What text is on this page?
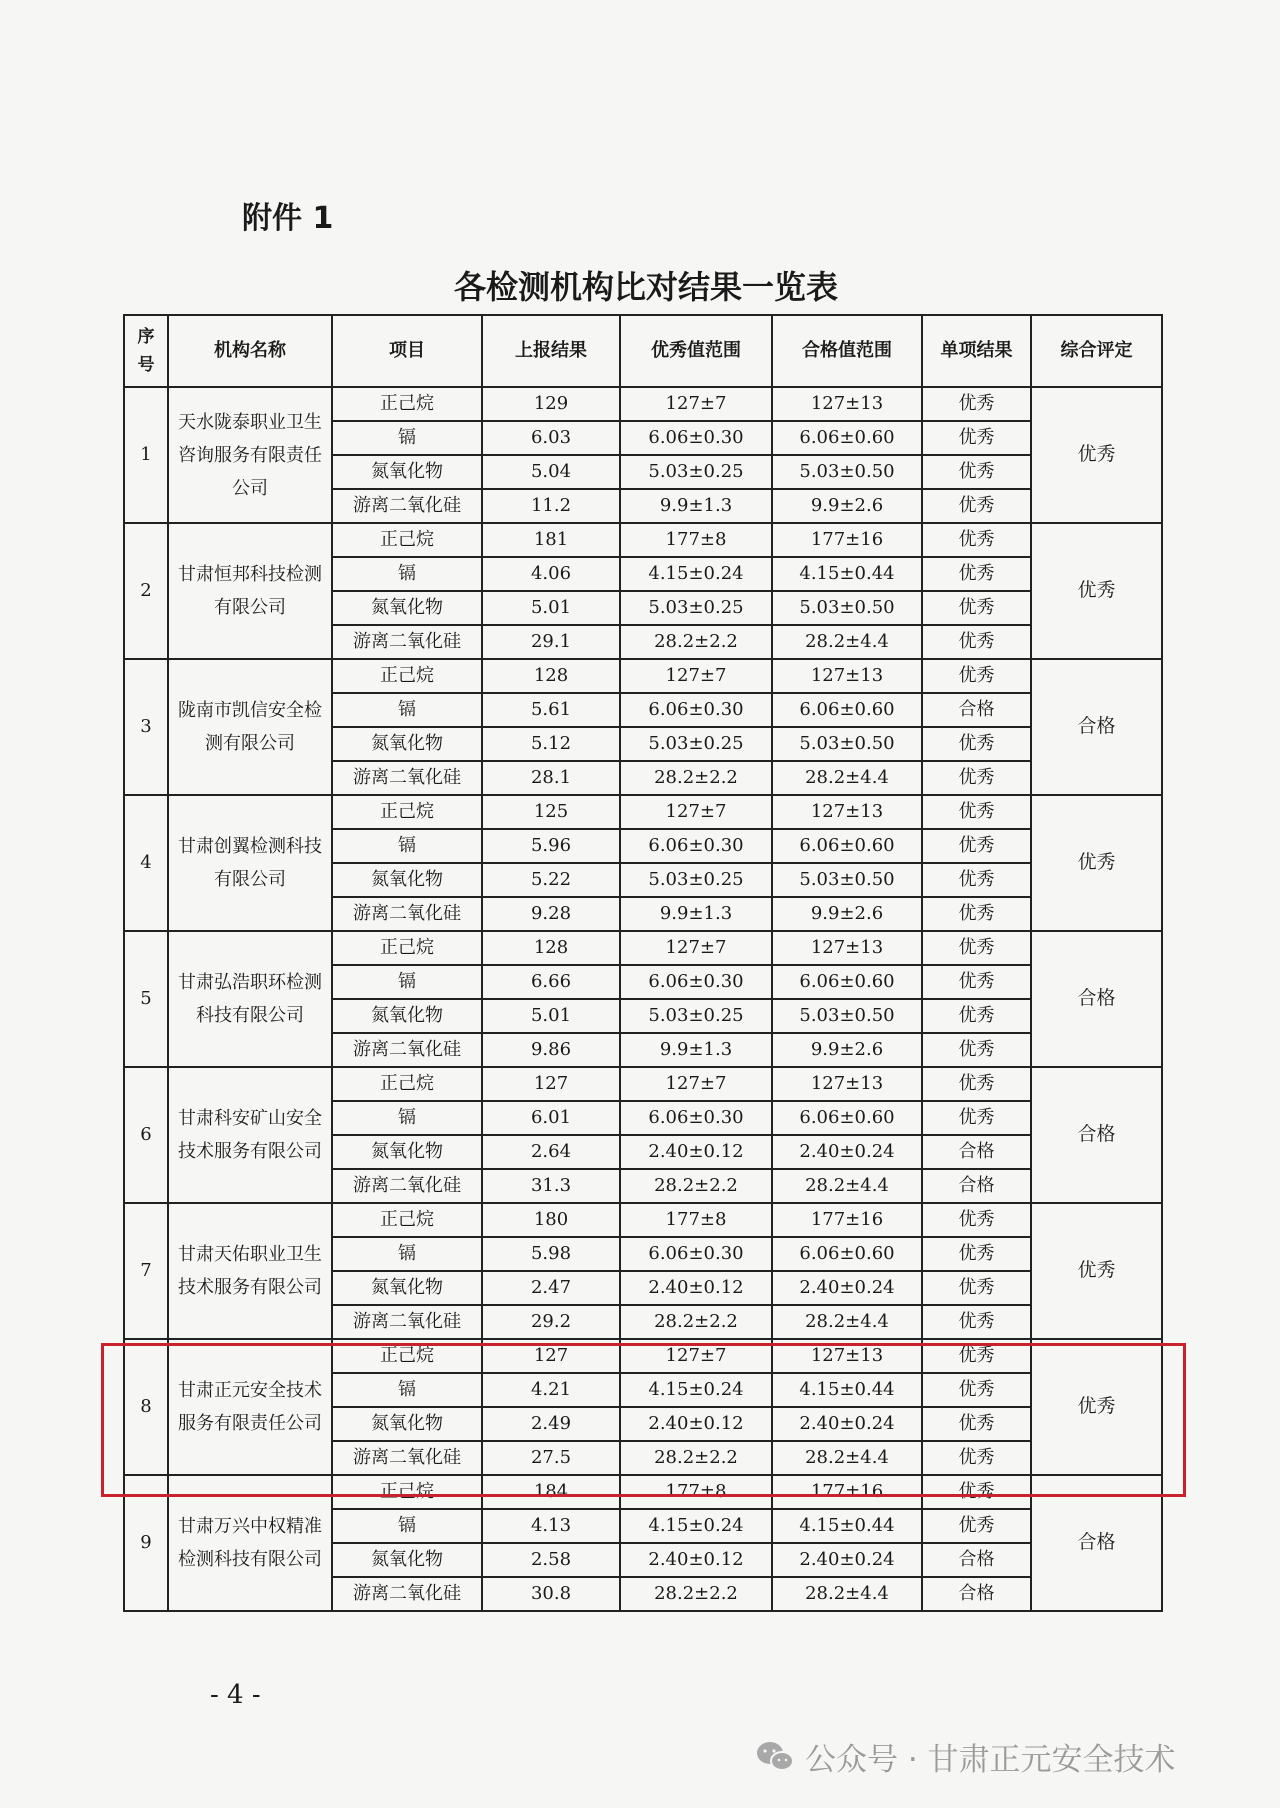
附件 1
各检测机构比对结果一览表
序号	机构名称	项目	上报结果	优秀值范围	合格值范围	单项结果	综合评定
1	天水陇泰职业卫生咨询服务有限责任公司	正己烷	129	127±7	127±13	优秀	优秀
		镉	6.03	6.06±0.30	6.06±0.60	优秀	
		氮氧化物	5.04	5.03±0.25	5.03±0.50	优秀	
		游离二氧化硅	11.2	9.9±1.3	9.9±2.6	优秀	
2	甘肃恒邦科技检测有限公司	正己烷	181	177±8	177±16	优秀	优秀
		镉	4.06	4.15±0.24	4.15±0.44	优秀	
		氮氧化物	5.01	5.03±0.25	5.03±0.50	优秀	
		游离二氧化硅	29.1	28.2±2.2	28.2±4.4	优秀	
3	陇南市凯信安全检测有限公司	正己烷	128	127±7	127±13	优秀	合格
		镉	5.61	6.06±0.30	6.06±0.60	合格	
		氮氧化物	5.12	5.03±0.25	5.03±0.50	优秀	
		游离二氧化硅	28.1	28.2±2.2	28.2±4.4	优秀	
4	甘肃创翼检测科技有限公司	正己烷	125	127±7	127±13	优秀	优秀
		镉	5.96	6.06±0.30	6.06±0.60	优秀	
		氮氧化物	5.22	5.03±0.25	5.03±0.50	优秀	
		游离二氧化硅	9.28	9.9±1.3	9.9±2.6	优秀	
5	甘肃弘浩职环检测科技有限公司	正己烷	128	127±7	127±13	优秀	合格
		镉	6.66	6.06±0.30	6.06±0.60	优秀	
		氮氧化物	5.01	5.03±0.25	5.03±0.50	优秀	
		游离二氧化硅	9.86	9.9±1.3	9.9±2.6	优秀	
6	甘肃科安矿山安全技术服务有限公司	正己烷	127	127±7	127±13	优秀	合格
		镉	6.01	6.06±0.30	6.06±0.60	优秀	
		氮氧化物	2.64	2.40±0.12	2.40±0.24	合格	
		游离二氧化硅	31.3	28.2±2.2	28.2±4.4	合格	
7	甘肃天佑职业卫生技术服务有限公司	正己烷	180	177±8	177±16	优秀	优秀
		镉	5.98	6.06±0.30	6.06±0.60	优秀	
		氮氧化物	2.47	2.40±0.12	2.40±0.24	优秀	
		游离二氧化硅	29.2	28.2±2.2	28.2±4.4	优秀	
8	甘肃正元安全技术服务有限责任公司	正己烷	127	127±7	127±13	优秀	优秀
		镉	4.21	4.15±0.24	4.15±0.44	优秀	
		氮氧化物	2.49	2.40±0.12	2.40±0.24	优秀	
		游离二氧化硅	27.5	28.2±2.2	28.2±4.4	优秀	
9	甘肃万兴中权精准检测科技有限公司	正己烷	184	177±8	177±16	优秀	合格
		镉	4.13	4.15±0.24	4.15±0.44	优秀	
		氮氧化物	2.58	2.40±0.12	2.40±0.24	合格	
		游离二氧化硅	30.8	28.2±2.2	28.2±4.4	合格	
- 4 -
公众号 · 甘肃正元安全技术
